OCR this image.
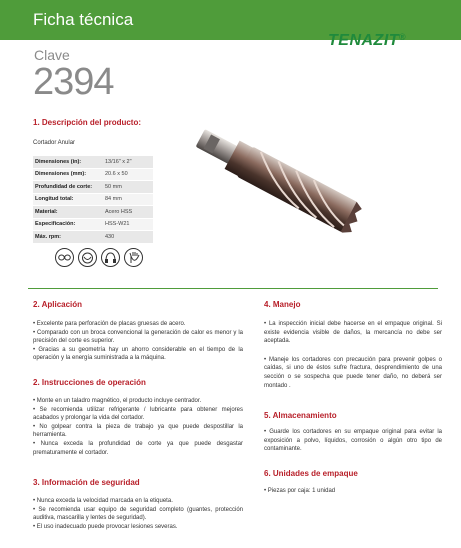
Ficha técnica
TENAZIT®
Clave
2394
1. Descripción del producto:
Cortador Anular
Dimensiones (in):	13/16" x 2"
Dimensiones (mm):	20.6 x 50
Profundidad de corte:	50 mm
Longitud total:	84 mm
Material:	Acero HSS
Especificación:	HSS-W21
Máx. rpm:	430
2. Aplicación
• Excelente para perforación de placas gruesas de acero.
• Comparado con un broca convencional la generación de calor es menor y la precisión del corte es superior.
• Gracias a su geometría hay un ahorro considerable en el tiempo de la operación y la energía suministrada a la máquina.
2. Instrucciones de operación
• Monte en un taladro magnético, el producto incluye centrador.
• Se recomienda utilizar refrigerante / lubricante para obtener mejores acabados y prolongar la vida del cortador.
• No golpear contra la pieza de trabajo ya que puede despostillar la herramienta.
• Nunca exceda la profundidad de corte ya que puede desgastar prematuramente el cortador.
3. Información de seguridad
• Nunca exceda la velocidad marcada en la etiqueta.
• Se recomienda usar equipo de seguridad completo (guantes, protección auditiva, mascarilla y lentes de seguridad).
• El uso inadecuado puede provocar lesiones severas.
4. Manejo
• La inspección inicial debe hacerse en el empaque original. Si existe evidencia visible de daños, la mercancía no debe ser aceptada.
• Maneje los cortadores con precaución para prevenir golpes o caídas, si uno de éstos sufre fractura, desprendimiento de una sección o se sospecha que puede tener daño, no deberá ser montado .
5. Almacenamiento
• Guarde los cortadores en su empaque original para evitar la exposición a polvo, líquidos, corrosión o algún otro tipo de contaminante.
6. Unidades de empaque
• Piezas por caja: 1 unidad
